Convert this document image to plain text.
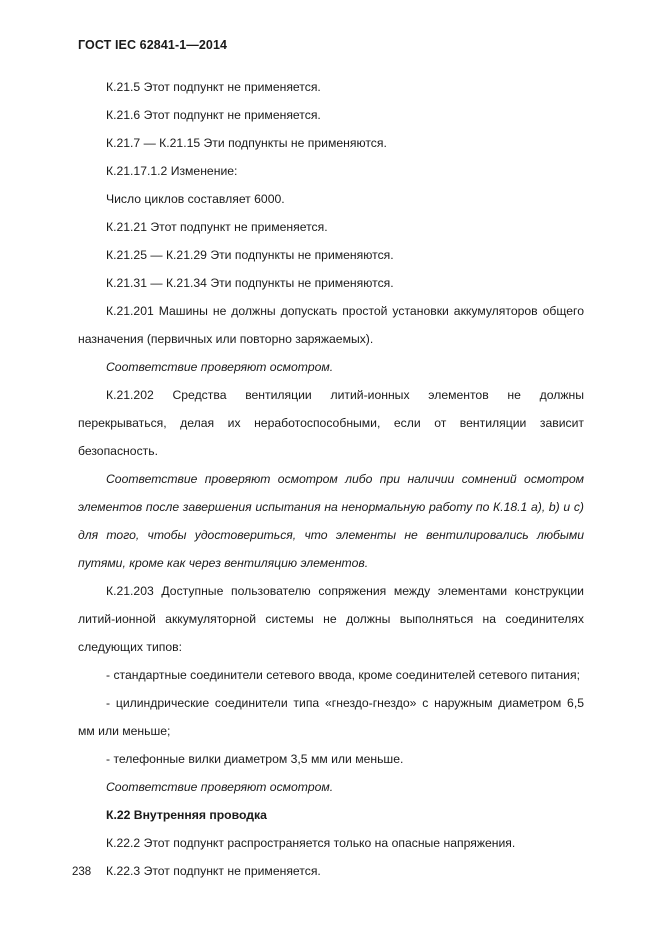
ГОСТ IEC 62841-1—2014

К.21.5 Этот подпункт не применяется.

К.21.6 Этот подпункт не применяется.

К.21.7 — К.21.15 Эти подпункты не применяются.

К.21.17.1.2 Изменение:

Число циклов составляет 6000.

К.21.21 Этот подпункт не применяется.

К.21.25 — К.21.29 Эти подпункты не применяются.

К.21.31 — К.21.34 Эти подпункты не применяются.

К.21.201 Машины не должны допускать простой установки аккумуляторов общего назначения (первичных или повторно заряжаемых).

Соответствие проверяют осмотром.

К.21.202 Средства вентиляции литий-ионных элементов не должны перекрываться, делая их неработоспособными, если от вентиляции зависит безопасность.

Соответствие проверяют осмотром либо при наличии сомнений осмотром элементов после завершения испытания на ненормальную работу по К.18.1 a), b) и c) для того, чтобы удостовериться, что элементы не вентилировались любыми путями, кроме как через вентиляцию элементов.

К.21.203 Доступные пользователю сопряжения между элементами конструкции литий-ионной аккумуляторной системы не должны выполняться на соединителях следующих типов:

- стандартные соединители сетевого ввода, кроме соединителей сетевого питания;

- цилиндрические соединители типа «гнездо-гнездо» с наружным диаметром 6,5 мм или меньше;

- телефонные вилки диаметром 3,5 мм или меньше.

Соответствие проверяют осмотром.

К.22 Внутренняя проводка

К.22.2 Этот подпункт распространяется только на опасные напряжения.

К.22.3 Этот подпункт не применяется.

238
